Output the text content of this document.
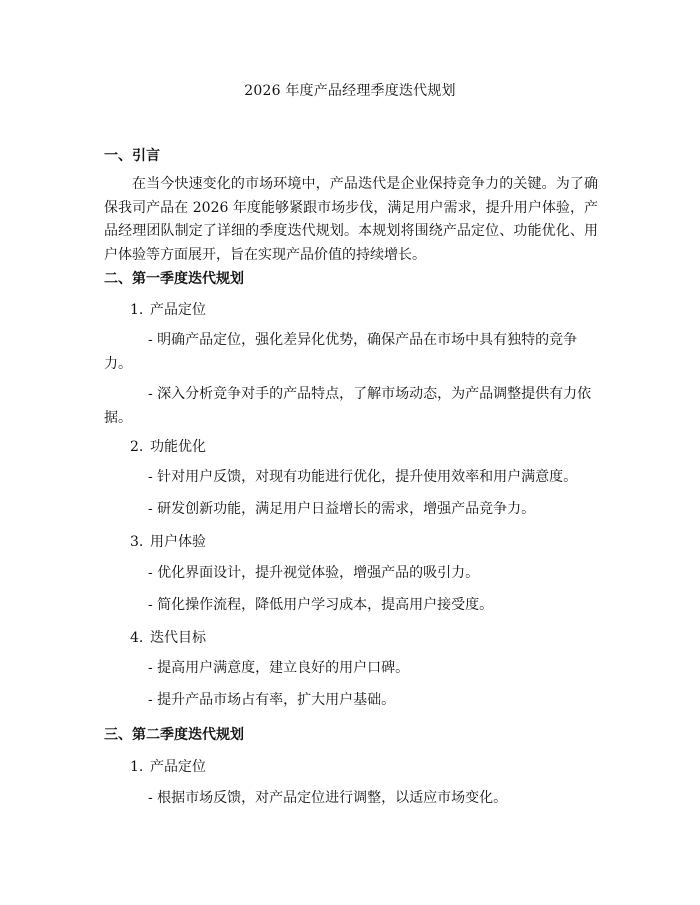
2026 年度产品经理季度迭代规划
一、引言
在当今快速变化的市场环境中，产品迭代是企业保持竞争力的关键。为了确保我司产品在 2026 年度能够紧跟市场步伐，满足用户需求，提升用户体验，产品经理团队制定了详细的季度迭代规划。本规划将围绕产品定位、功能优化、用户体验等方面展开，旨在实现产品价值的持续增长。
二、第一季度迭代规划
1. 产品定位
- 明确产品定位，强化差异化优势，确保产品在市场中具有独特的竞争力。
- 深入分析竞争对手的产品特点，了解市场动态，为产品调整提供有力依据。
2. 功能优化
- 针对用户反馈，对现有功能进行优化，提升使用效率和用户满意度。
- 研发创新功能，满足用户日益增长的需求，增强产品竞争力。
3. 用户体验
- 优化界面设计，提升视觉体验，增强产品的吸引力。
- 简化操作流程，降低用户学习成本，提高用户接受度。
4. 迭代目标
- 提高用户满意度，建立良好的用户口碑。
- 提升产品市场占有率，扩大用户基础。
三、第二季度迭代规划
1. 产品定位
- 根据市场反馈，对产品定位进行调整，以适应市场变化。
